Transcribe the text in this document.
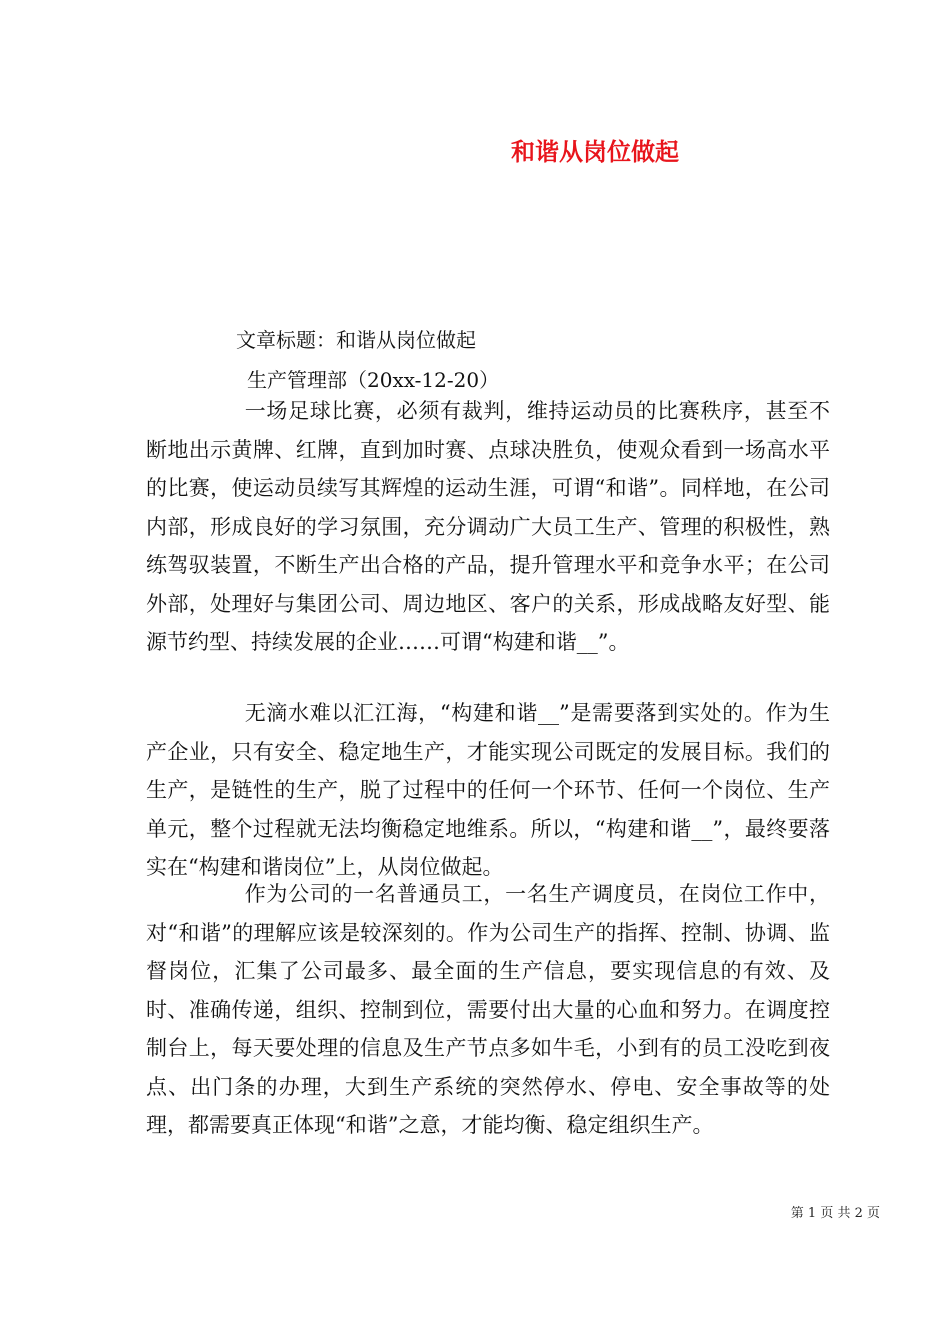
和谐从岗位做起
文章标题：和谐从岗位做起
生产管理部（20xx-12-20）

一场足球比赛，必须有裁判，维持运动员的比赛秩序，甚至不断地出示黄牌、红牌，直到加时赛、点球决胜负，使观众看到一场高水平的比赛，使运动员续写其辉煌的运动生涯，可谓“和谐”。同样地，在公司内部，形成良好的学习氛围，充分调动广大员工生产、管理的积极性，熟练驾驭装置，不断生产出合格的产品，提升管理水平和竞争水平；在公司外部，处理好与集团公司、周边地区、客户的关系，形成战略友好型、能源节约型、持续发展的企业……可谓“构建和谐__”。

无滴水难以汇江海，“构建和谐__”是需要落到实处的。作为生产企业，只有安全、稳定地生产，才能实现公司既定的发展目标。我们的生产，是链性的生产，脱了过程中的任何一个环节、任何一个岗位、生产单元，整个过程就无法均衡稳定地维系。所以，“构建和谐__”，最终要落实在“构建和谐岗位”上，从岗位做起。

作为公司的一名普通员工，一名生产调度员，在岗位工作中，对“和谐”的理解应该是较深刻的。作为公司生产的指挥、控制、协调、监督岗位，汇集了公司最多、最全面的生产信息，要实现信息的有效、及时、准确传递，组织、控制到位，需要付出大量的心血和努力。在调度控制台上，每天要处理的信息及生产节点多如牛毛，小到有的员工没吃到夜点、出门条的办理，大到生产系统的突然停水、停电、安全事故等的处理，都需要真正体现“和谐”之意，才能均衡、稳定组织生产。

第 1 页 共 2 页
